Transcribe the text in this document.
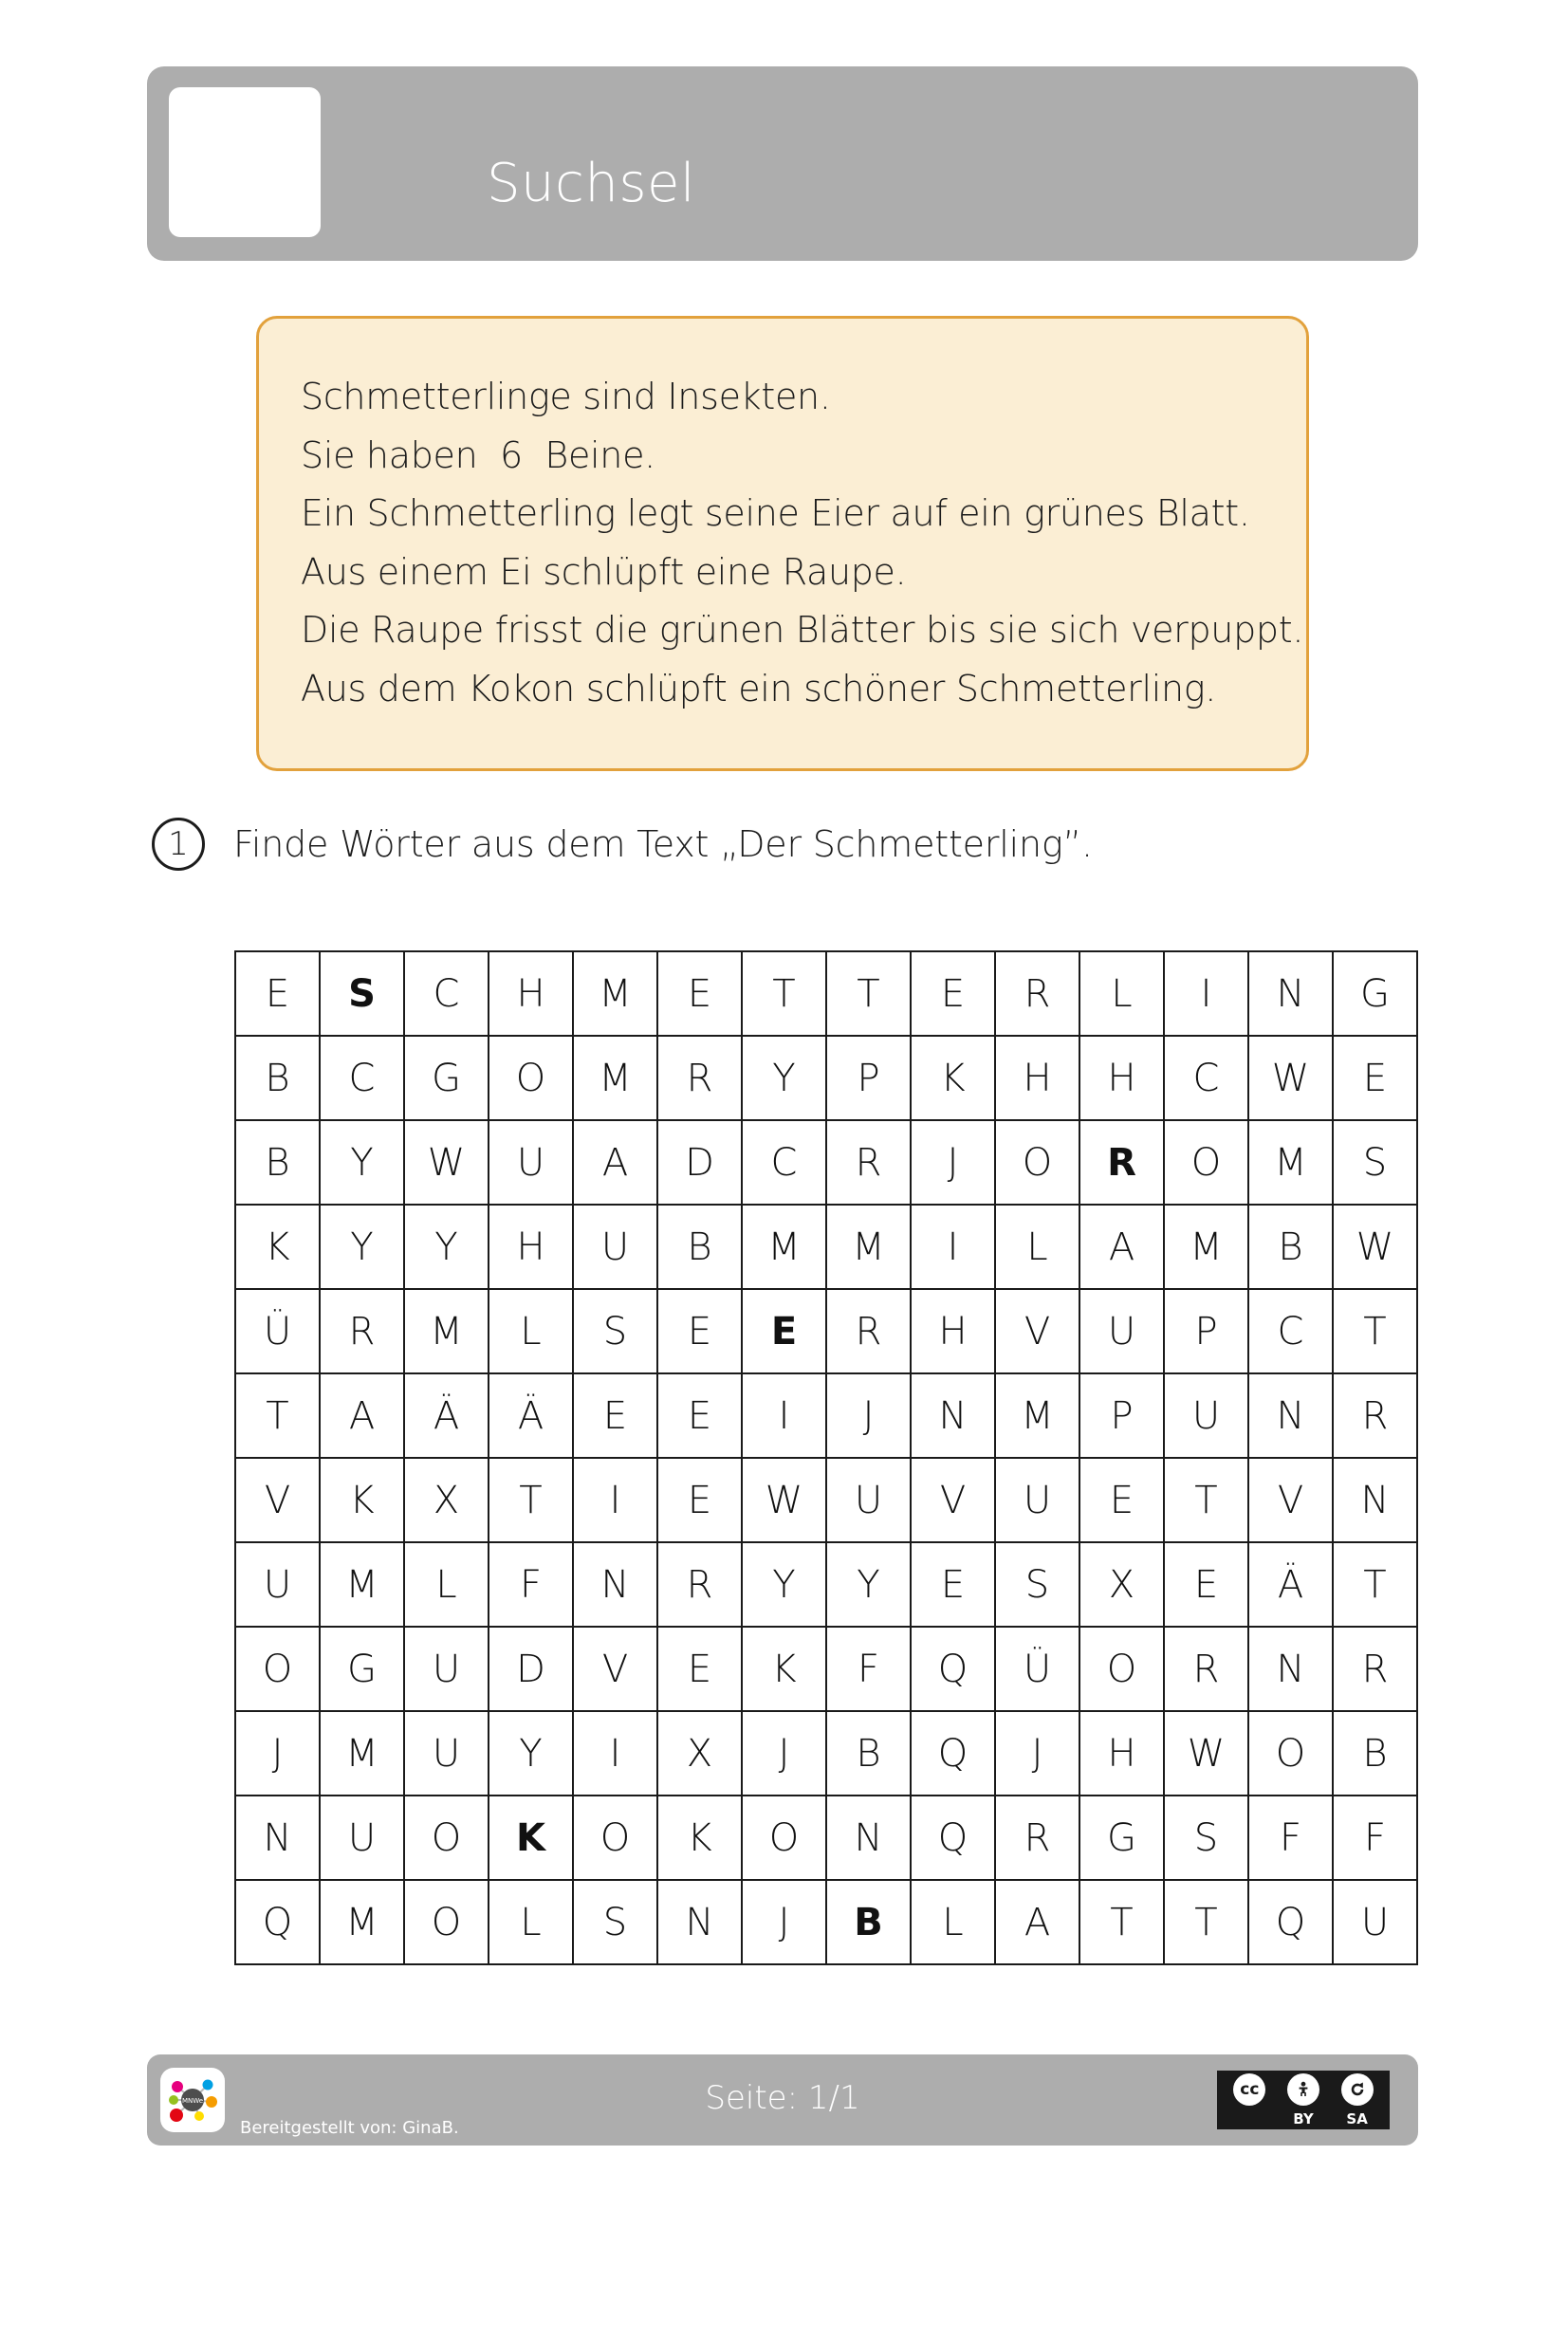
Suchsel
Schmetterlinge sind Insekten.
Sie haben  6  Beine.
Ein Schmetterling legt seine Eier auf ein grünes Blatt.
Aus einem Ei schlüpft eine Raupe.
Die Raupe frisst die grünen Blätter bis sie sich verpuppt.
Aus dem Kokon schlüpft ein schöner Schmetterling.
1	Finde Wörter aus dem Text „Der Schmetterling”.
E	S	C	H	M	E	T	T	E	R	L	I	N	G
B	C	G	O	M	R	Y	P	K	H	H	C	W	E
B	Y	W	U	A	D	C	R	J	O	R	O	M	S
K	Y	Y	H	U	B	M	M	I	L	A	M	B	W
Ü	R	M	L	S	E	E	R	H	V	U	P	C	T
T	A	Ä	Ä	E	E	I	J	N	M	P	U	N	R
V	K	X	T	I	E	W	U	V	U	E	T	V	N
U	M	L	F	N	R	Y	Y	E	S	X	E	Ä	T
O	G	U	D	V	E	K	F	Q	Ü	O	R	N	R
J	M	U	Y	I	X	J	B	Q	J	H	W	O	B
N	U	O	K	O	K	O	N	Q	R	G	S	F	F
Q	M	O	L	S	N	J	B	L	A	T	T	Q	U
MNWe

Bereitgestellt von: GinaB.

Stand: 10.05.2023

Lizenzhinweise: https://editor.mnweg.org/entdecken/dokument/suchsel

Seite: 1/1	cc
BY	SA
